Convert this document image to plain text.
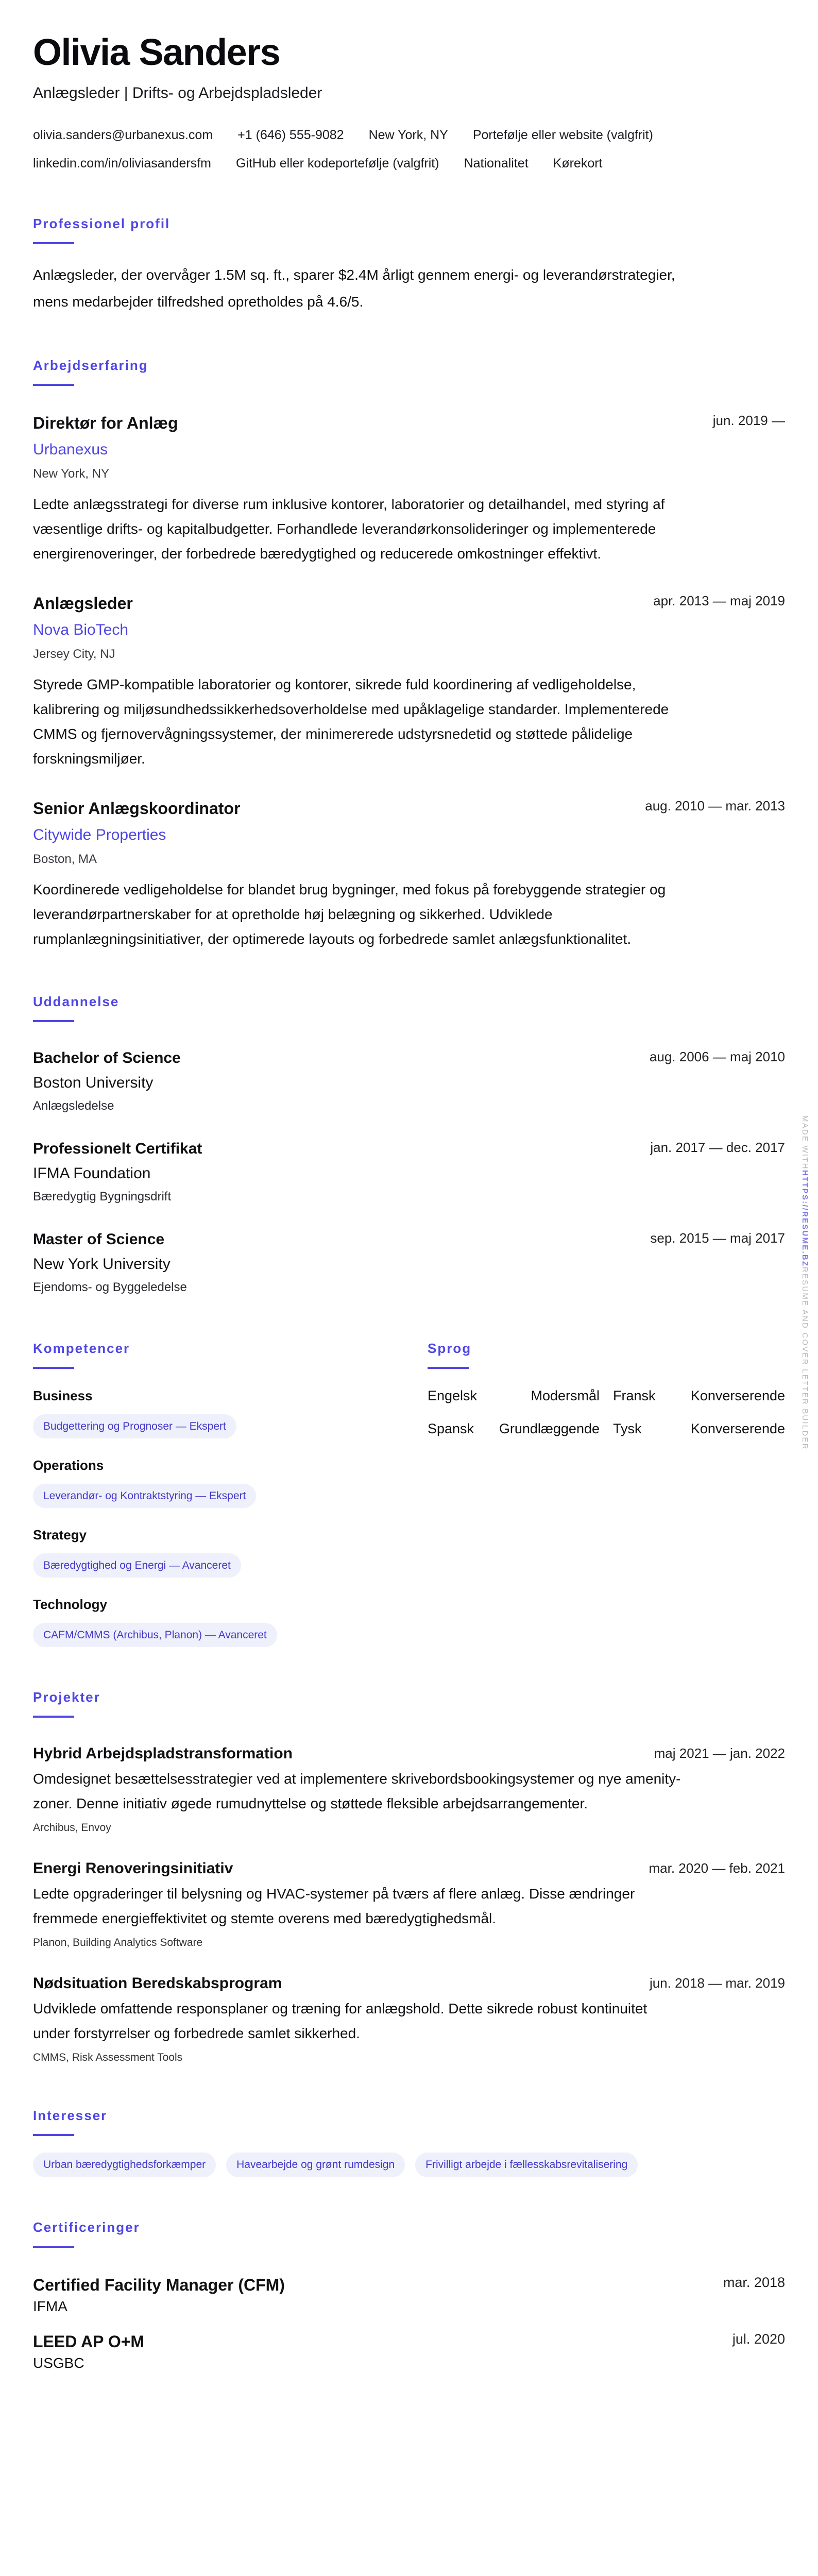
Olivia Sanders
Anlægsleder | Drifts- og Arbejdspladsleder
olivia.sanders@urbanexus.com +1 (646) 555-9082 New York, NY Portefølje eller website (valgfrit)
linkedin.com/in/oliviasandersfm GitHub eller kodeportefølje (valgfrit) Nationalitet Kørekort
Professionel profil

Anlægsleder, der overvåger 1.5M sq. ft., sparer $2.4M årligt gennem energi- og leverandørstrategier, mens medarbejder tilfredshed opretholdes på 4.6/5.

Arbejdserfaring
Direktør for Anlæg	jun. 2019 —
Urbanexus
New York, NY

Ledte anlægsstrategi for diverse rum inklusive kontorer, laboratorier og detailhandel, med styring af væsentlige drifts- og kapitalbudgetter. Forhandlede leverandørkonsolideringer og implementerede energirenoveringer, der forbedrede bæredygtighed og reducerede omkostninger effektivt.

Anlægsleder	apr. 2013 — maj 2019
Nova BioTech
Jersey City, NJ

Styrede GMP-kompatible laboratorier og kontorer, sikrede fuld koordinering af vedligeholdelse, kalibrering og miljøsundhedssikkerhedsoverholdelse med upåklagelige standarder. Implementerede CMMS og fjernovervågningssystemer, der minimererede udstyrsnedetid og støttede pålidelige forskningsmiljøer.

Senior Anlægskoordinator	aug. 2010 — mar. 2013
Citywide Properties
Boston, MA

Koordinerede vedligeholdelse for blandet brug bygninger, med fokus på forebyggende strategier og leverandørpartnerskaber for at opretholde høj belægning og sikkerhed. Udviklede rumplanlægningsinitiativer, der optimerede layouts og forbedrede samlet anlægsfunktionalitet.

Uddannelse
Bachelor of Science	aug. 2006 — maj 2010
Boston University
Anlægsledelse
Professionelt Certifikat	jan. 2017 — dec. 2017
IFMA Foundation
Bæredygtig Bygningsdrift
Master of Science	sep. 2015 — maj 2017
New York University
Ejendoms- og Byggeledelse
Kompetencer
Business
Budgettering og Prognoser — Ekspert
Operations
Leverandør- og Kontraktstyring — Ekspert
Strategy
Bæredygtighed og Energi — Avanceret
Technology
CAFM/CMMS (Archibus, Planon) — Avanceret
Sprog
Engelsk	Modersmål Fransk	Konverserende
Spansk Grundlæggende Tysk	Konverserende
Projekter
Hybrid Arbejdspladstransformation	maj 2021 — jan. 2022

Omdesignet besættelsesstrategier ved at implementere skrivebordsbookingsystemer og nye amenity-zoner. Denne initiativ øgede rumudnyttelse og støttede fleksible arbejdsarrangementer.

Archibus, Envoy
Energi Renoveringsinitiativ	mar. 2020 — feb. 2021

Ledte opgraderinger til belysning og HVAC-systemer på tværs af flere anlæg. Disse ændringer fremmede energieffektivitet og stemte overens med bæredygtighedsmål.

Planon, Building Analytics Software
Nødsituation Beredskabsprogram	jun. 2018 — mar. 2019

Udviklede omfattende responsplaner og træning for anlægshold. Dette sikrede robust kontinuitet under forstyrrelser og forbedrede samlet sikkerhed.

CMMS, Risk Assessment Tools
Interesser
Urban bæredygtighedsforkæmper	Havearbejde og grønt rumdesign	Frivilligt arbejde i fællesskabsrevitalisering
Certificeringer
Certified Facility Manager (CFM)	mar. 2018
IFMA
LEED AP O+M	jul. 2020
USGBC
MADE WITHHTTPS://RESUME.BZRESUME AND COVER LETTER BUILDER
